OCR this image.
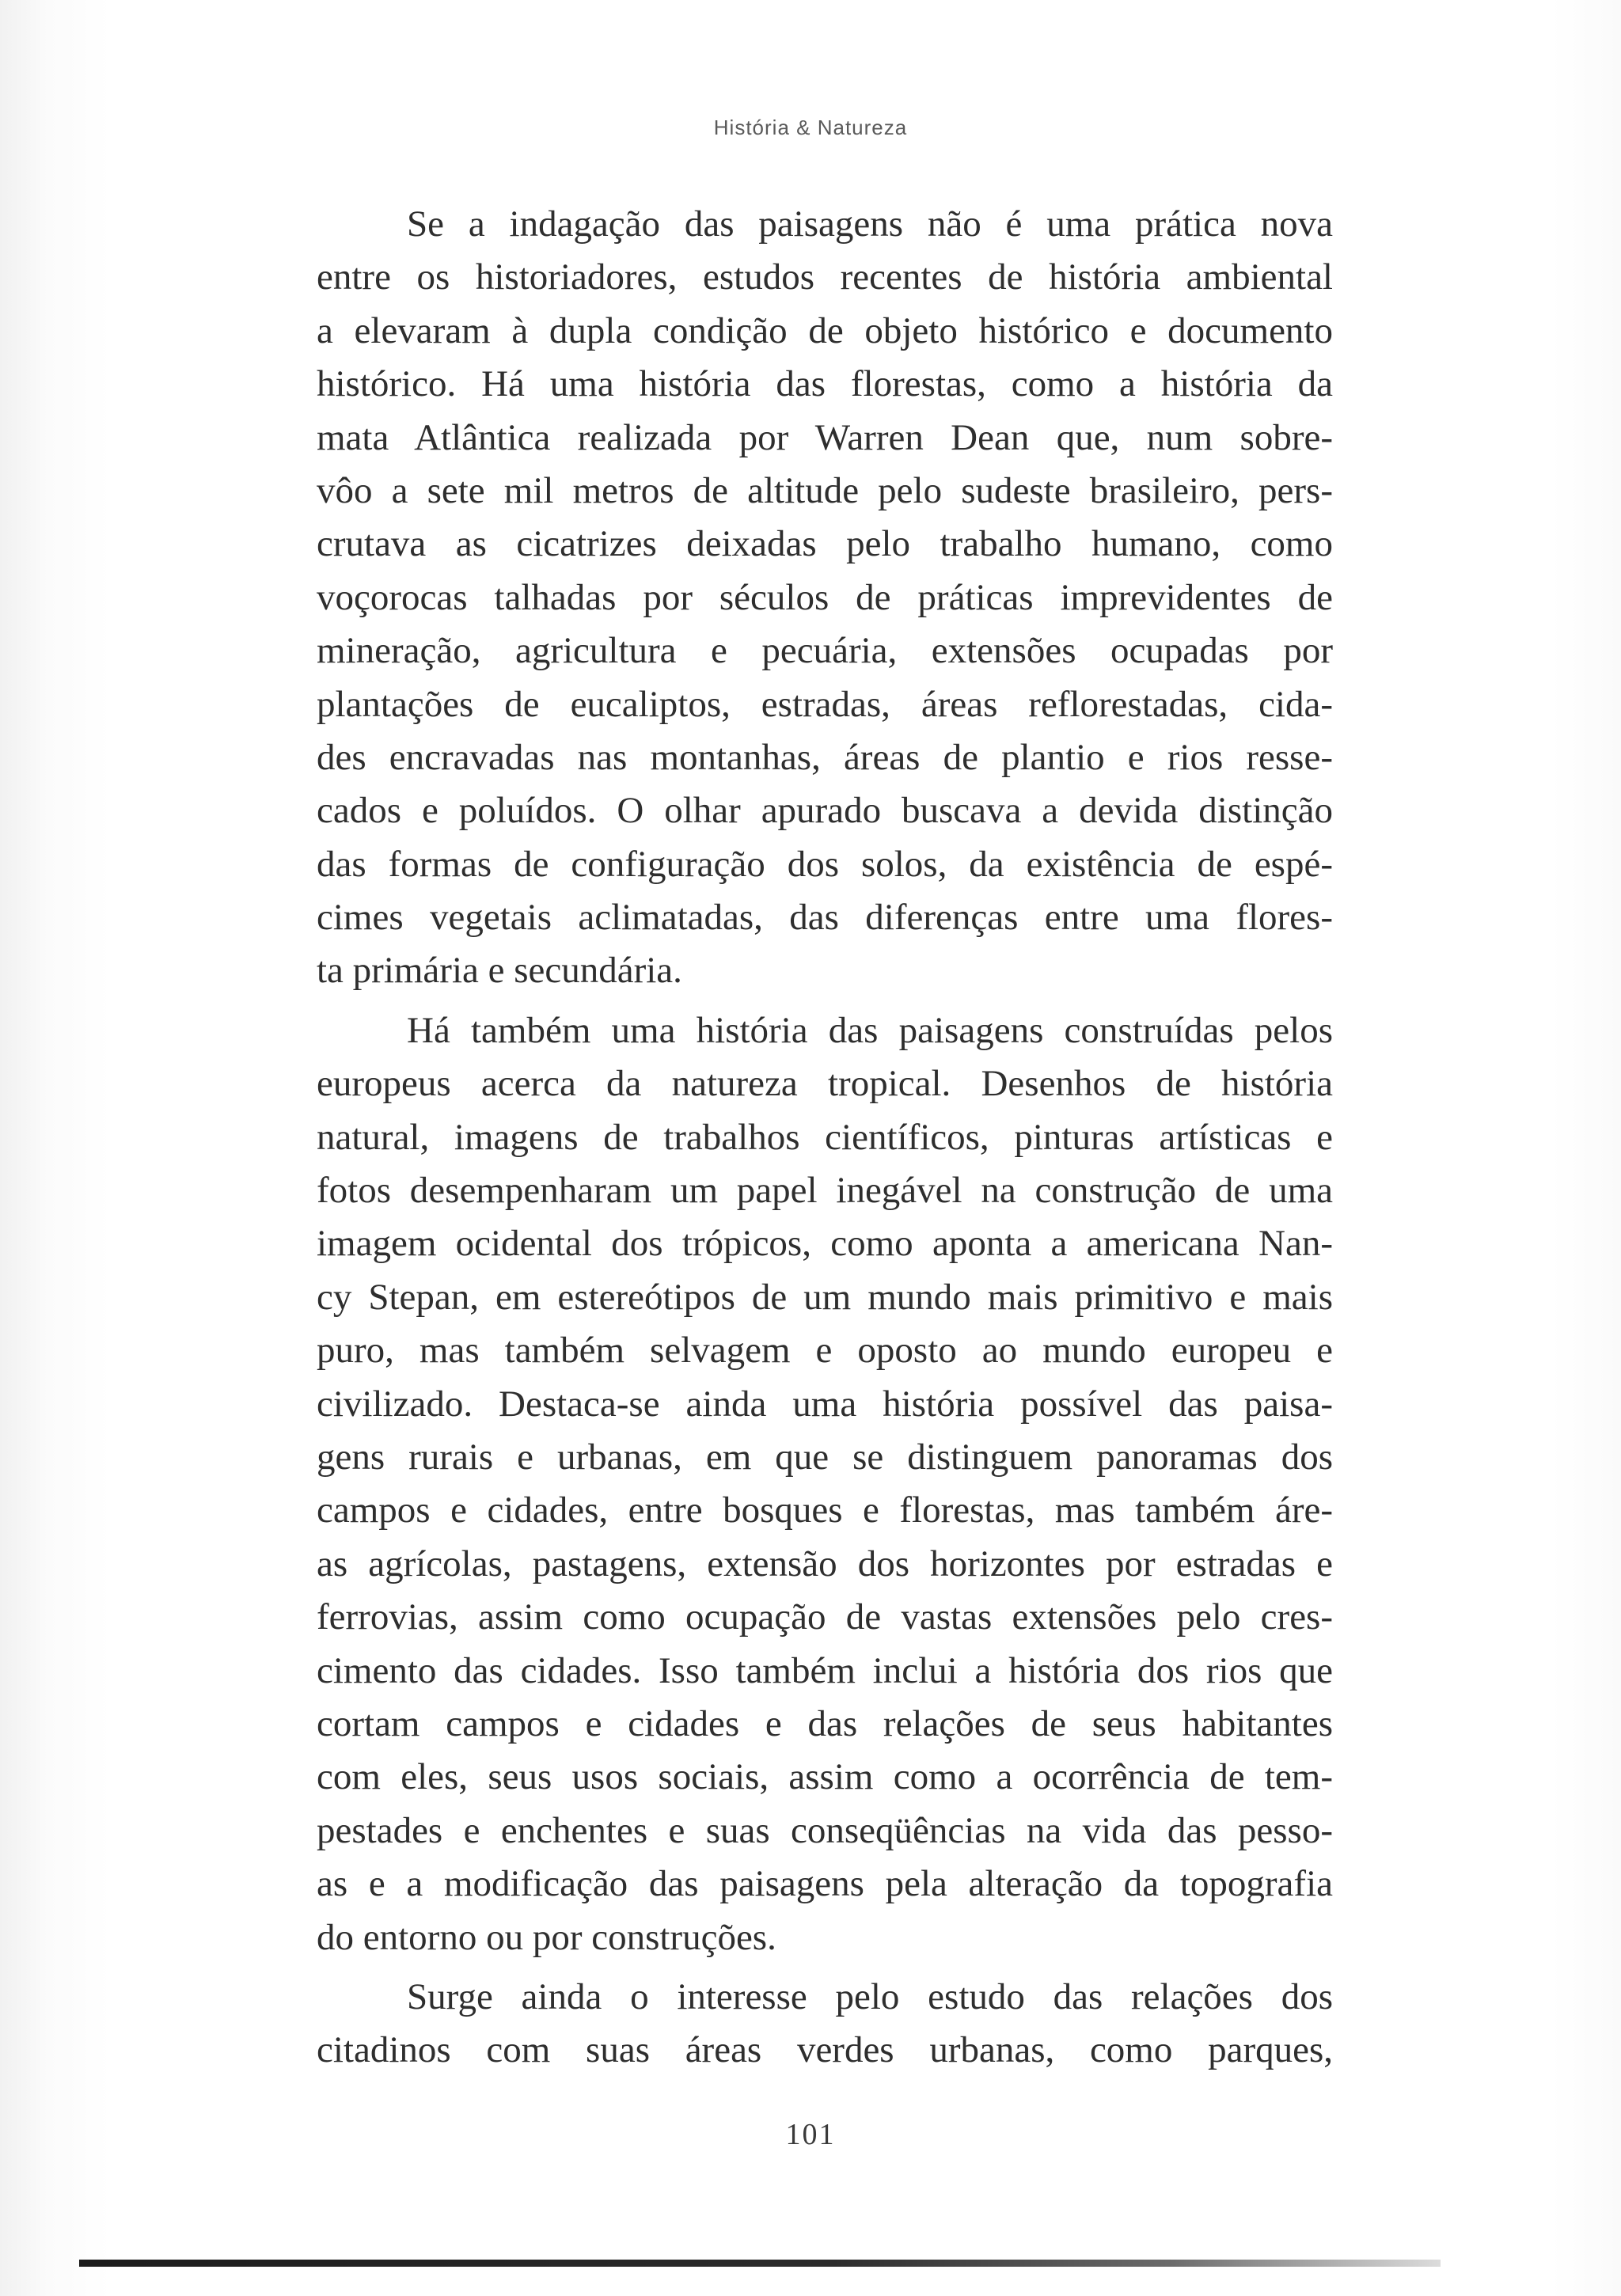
História & Natureza
Se a indagação das paisagens não é uma prática nova
entre os historiadores, estudos recentes de história ambiental
a elevaram à dupla condição de objeto histórico e documento
histórico. Há uma história das florestas, como a história da
mata Atlântica realizada por Warren Dean que, num sobre-
vôo a sete mil metros de altitude pelo sudeste brasileiro, pers-
crutava as cicatrizes deixadas pelo trabalho humano, como
voçorocas talhadas por séculos de práticas imprevidentes de
mineração, agricultura e pecuária, extensões ocupadas por
plantações de eucaliptos, estradas, áreas reflorestadas, cida-
des encravadas nas montanhas, áreas de plantio e rios resse-
cados e poluídos. O olhar apurado buscava a devida distinção
das formas de configuração dos solos, da existência de espé-
cimes vegetais aclimatadas, das diferenças entre uma flores-
ta primária e secundária.
Há também uma história das paisagens construídas pelos
europeus acerca da natureza tropical. Desenhos de história
natural, imagens de trabalhos científicos, pinturas artísticas e
fotos desempenharam um papel inegável na construção de uma
imagem ocidental dos trópicos, como aponta a americana Nan-
cy Stepan, em estereótipos de um mundo mais primitivo e mais
puro, mas também selvagem e oposto ao mundo europeu e
civilizado. Destaca-se ainda uma história possível das paisa-
gens rurais e urbanas, em que se distinguem panoramas dos
campos e cidades, entre bosques e florestas, mas também áre-
as agrícolas, pastagens, extensão dos horizontes por estradas e
ferrovias, assim como ocupação de vastas extensões pelo cres-
cimento das cidades. Isso também inclui a história dos rios que
cortam campos e cidades e das relações de seus habitantes
com eles, seus usos sociais, assim como a ocorrência de tem-
pestades e enchentes e suas conseqüências na vida das pesso-
as e a modificação das paisagens pela alteração da topografia
do entorno ou por construções.
Surge ainda o interesse pelo estudo das relações dos
citadinos com suas áreas verdes urbanas, como parques,
101
